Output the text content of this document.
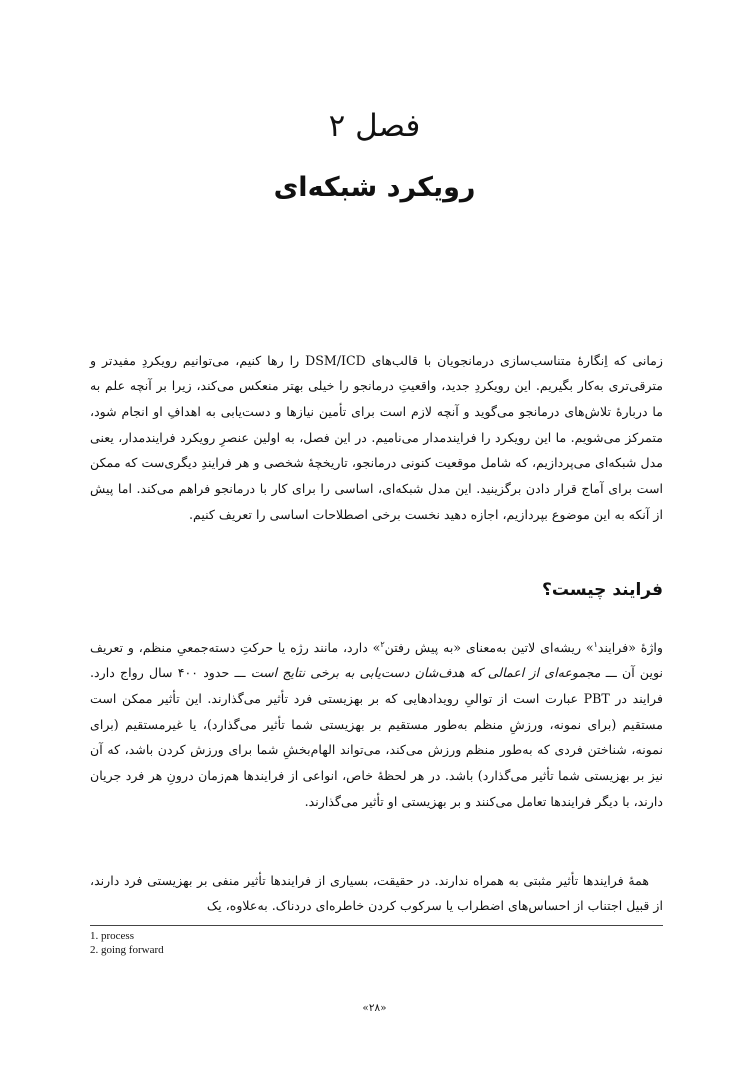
فصل ۲
رویکرد شبکه‌ای

زمانی که اِنگارهٔ متناسب‌سازی درمانجویان با قالب‌های DSM/ICD را رها کنیم، می‌توانیم رویکردِ مفیدتر و مترقی‌تری به‌کار بگیریم. این رویکردِ جدید، واقعیتِ درمانجو را خیلی بهتر منعکس می‌کند، زیرا بر آنچه علم به ما دربارهٔ تلاش‌های درمانجو می‌گوید و آنچه لازم است برای تأمین نیازها و دست‌یابی به اهدافِ او انجام شود، متمرکز می‌شویم. ما این رویکرد را فرایندمدار می‌نامیم. در این فصل، به اولین عنصرِ رویکرد فرایندمدار، یعنی مدل شبکه‌ای می‌پردازیم، که شامل موقعیت کنونی درمانجو، تاریخچهٔ شخصی و هر فرایندِ دیگری‌ست که ممکن است برای آماج قرار دادن برگزینید. این مدل شبکه‌ای، اساسی را برای کار با درمانجو فراهم می‌کند. اما پیش از آنکه به این موضوع بپردازیم، اجازه دهید نخست برخی اصطلاحات اساسی را تعریف کنیم.

فرایند چیست؟

واژهٔ «فرایند$^۱$» ریشه‌ای لاتین به‌معنای «به پیش رفتن$^۲$» دارد، مانند رژه یا حرکتِ دسته‌جمعیِ منظم، و تعریف نوین آن ـــ مجموعه‌ای از اعمالی که هدف‌شان دست‌یابی به برخی نتایج است ـــ حدود ۴۰۰ سال رواج دارد. فرایند در PBT عبارت است از توالیِ رویدادهایی که بر بهزیستی فرد تأثیر می‌گذارند. این تأثیر ممکن است مستقیم (برای نمونه، ورزشِ منظم به‌طور مستقیم بر بهزیستی شما تأثیر می‌گذارد)، یا غیرمستقیم (برای نمونه، شناختن فردی که به‌طور منظم ورزش می‌کند، می‌تواند الهام‌بخشِ شما برای ورزش کردن باشد، که آن نیز بر بهزیستی شما تأثیر می‌گذارد) باشد. در هر لحظهٔ خاص، انواعی از فرایندها هم‌زمان درونِ هر فرد جریان دارند، با دیگر فرایندها تعامل می‌کنند و بر بهزیستی او تأثیر می‌گذارند.

همهٔ فرایندها تأثیر مثبتی به همراه ندارند. در حقیقت، بسیاری از فرایندها تأثیر منفی بر بهزیستی فرد دارند، از قبیل اجتناب از احساس‌های اضطراب یا سرکوب کردن خاطره‌ای دردناک. به‌علاوه، یک

1. process
2. going forward
«۲۸»
